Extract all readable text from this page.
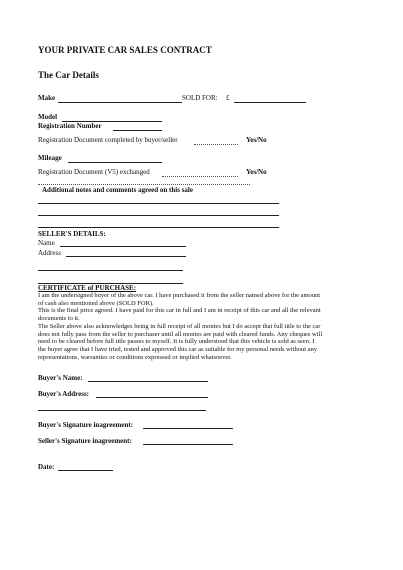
YOUR PRIVATE CAR SALES CONTRACT
The Car Details
Make	SOLD FOR: £
Model
Registration Number
Registration Document completed by buyer/seller	Yes/No
Mileage
Registration Document (V5) exchanged	Yes/No
Additional notes and comments agreed on this sale
SELLER'S DETAILS:
Name
Address
CERTIFICATE of PURCHASE:
I am the undersigned buyer of the above car. I have purchased it from the seller named above for the amount
of cash also mentioned above (SOLD FOR).
This is the final price agreed. I have paid for this car in full and I am in receipt of this car and all the relevant
documents to it.
The Seller above also acknowledges being in full receipt of all monies but I do accept that full title to the car
does not fully pass from the seller to purchaser until all monies are paid with cleared funds. Any cheques will
need to be cleared before full title passes to myself. It is fully understood that this vehicle is sold as seen. I
the buyer agree that I have tried, tested and approved this car as suitable for my personal needs without any
representations, warranties or conditions expressed or implied whatsoever.
Buyer's Name:
Buyer's Address:
Buyer's Signature inagreement:
Seller's Signature inagreement:
Date:
